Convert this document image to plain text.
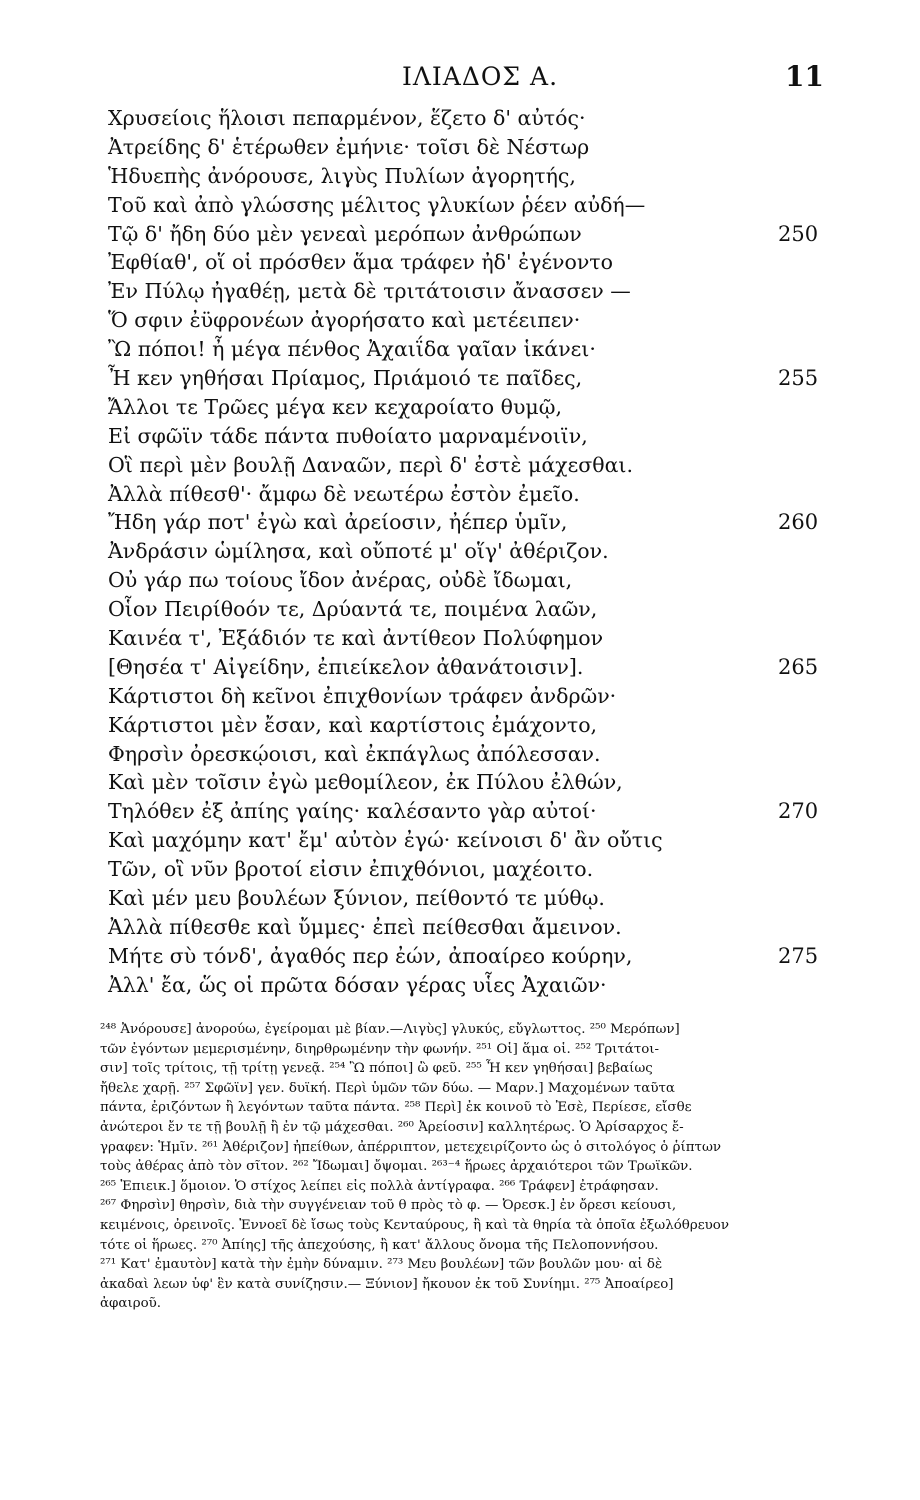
ΙΛΙΑΔΟΣ Α.	11
Χρυσείοις ἥλοισι πεπαρμένον, ἕζετο δ' αὐτός·
Ἀτρείδης δ' ἑτέρωθεν ἐμήνιε· τοῖσι δὲ Νέστωρ
Ἡδυεπὴς ἀνόρουσε, λιγὺς Πυλίων ἀγορητής,
Τοῦ καὶ ἀπὸ γλώσσης μέλιτος γλυκίων ῥέεν αὐδή—
Τῷ δ' ἤδη δύο μὲν γενεαὶ μερόπων ἀνθρώπων	250
Ἐφθίαθ', οἵ οἱ πρόσθεν ἅμα τράφεν ἠδ' ἐγένοντο
Ἐν Πύλῳ ἠγαθέῃ, μετὰ δὲ τριτάτοισιν ἄνασσεν —
Ὅ σφιν ἐϋφρονέων ἀγορήσατο καὶ μετέειπεν·
Ὢ πόποι! ἦ μέγα πένθος Ἀχαιΐδα γαῖαν ἱκάνει·
Ἦ κεν γηθήσαι Πρίαμος, Πριάμοιό τε παῖδες,	255
Ἄλλοι τε Τρῶες μέγα κεν κεχαροίατο θυμῷ,
Εἰ σφῶϊν τάδε πάντα πυθοίατο μαρναμένοιϊν,
Οἳ περὶ μὲν βουλῇ Δαναῶν, περὶ δ' ἐστὲ μάχεσθαι.
Ἀλλὰ πίθεσθ'· ἄμφω δὲ νεωτέρω ἐστὸν ἐμεῖο.
Ἤδη γάρ ποτ' ἐγὼ καὶ ἀρείοσιν, ἠέπερ ὑμῖν,	260
Ἀνδράσιν ὡμίλησα, καὶ οὔποτέ μ' οἵγ' ἀθέριζον.
Οὐ γάρ πω τοίους ἴδον ἀνέρας, οὐδὲ ἴδωμαι,
Οἷον Πειρίθοόν τε, Δρύαντά τε, ποιμένα λαῶν,
Καινέα τ', Ἐξάδιόν τε καὶ ἀντίθεον Πολύφημον
[Θησέα τ' Αἰγείδην, ἐπιείκελον ἀθανάτοισιν].	265
Κάρτιστοι δὴ κεῖνοι ἐπιχθονίων τράφεν ἀνδρῶν·
Κάρτιστοι μὲν ἔσαν, καὶ καρτίστοις ἐμάχοντο,
Φηρσὶν ὀρεσκῴοισι, καὶ ἐκπάγλως ἀπόλεσσαν.
Καὶ μὲν τοῖσιν ἐγὼ μεθομίλεον, ἐκ Πύλου ἐλθών,
Τηλόθεν ἐξ ἀπίης γαίης· καλέσαντο γὰρ αὐτοί·	270
Καὶ μαχόμην κατ' ἔμ' αὐτὸν ἐγώ· κείνοισι δ' ἂν οὔτις
Τῶν, οἳ νῦν βροτοί εἰσιν ἐπιχθόνιοι, μαχέοιτο.
Καὶ μέν μευ βουλέων ξύνιον, πείθοντό τε μύθῳ.
Ἀλλὰ πίθεσθε καὶ ὔμμες· ἐπεὶ πείθεσθαι ἄμεινον.
Μήτε σὺ τόνδ', ἀγαθός περ ἐών, ἀποαίρεο κούρην,	275
Ἀλλ' ἔα, ὥς οἱ πρῶτα δόσαν γέρας υἷες Ἀχαιῶν·
²⁴⁸ Ἀνόρουσε] ἀνορούω, ἐγείρομαι μὲ βίαν.—Λιγὺς] γλυκύς, εὔγλωττος. ²⁵⁰ Μερόπων]
τῶν ἐγόντων μεμερισμένην, διηρθρωμένην τὴν φωνήν. ²⁵¹ Οἱ] ἅμα οἱ. ²⁵² Τριτάτοι-
σιν] τοῖς τρίτοις, τῇ τρίτῃ γενεᾷ. ²⁵⁴ Ὢ πόποι] ὢ φεῦ. ²⁵⁵ Ἦ κεν γηθήσαι] βεβαίως
ἤθελε χαρῇ. ²⁵⁷ Σφῶϊν] γεν. δυϊκή. Περὶ ὑμῶν τῶν δύω. — Μαρν.] Μαχομένων ταῦτα
πάντα, ἐριζόντων ἢ λεγόντων ταῦτα πάντα. ²⁵⁸ Περὶ] ἐκ κοινοῦ τὸ Ἐσὲ, Περίεσε, εἴσθε
ἀνώτεροι ἔν τε τῇ βουλῇ ἢ ἐν τῷ μάχεσθαι. ²⁶⁰ Ἀρείοσιν] καλλητέρως. Ὁ Ἀρίσαρχος ἔ-
γραφεν: Ἡμῖν. ²⁶¹ Ἀθέριζον] ἠπείθων, ἀπέρριπτον, μετεχειρίζοντο ὡς ὁ σιτολόγος ὁ ῥίπτων
τοὺς ἀθέρας ἀπὸ τὸν σῖτον. ²⁶² Ἴδωμαι] ὄψομαι. ²⁶³⁻⁴ ἥρωες ἀρχαιότεροι τῶν Τρωϊκῶν.
²⁶⁵ Ἐπιεικ.] ὅμοιον. Ὁ στίχος λείπει εἰς πολλὰ ἀντίγραφα. ²⁶⁶ Τράφεν] ἐτράφησαν.
²⁶⁷ Φηρσὶν] θηρσὶν, διὰ τὴν συγγένειαν τοῦ θ πρὸς τὸ φ. — Ὀρεσκ.] ἐν ὄρεσι κείουσι,
κειμένοις, ὀρεινοῖς. Ἐννοεῖ δὲ ἴσως τοὺς Κενταύρους, ἢ καὶ τὰ θηρία τὰ ὁποῖα ἐξωλόθρευον
τότε οἱ ἥρωες. ²⁷⁰ Ἀπίης] τῆς ἀπεχούσης, ἢ κατ' ἄλλους ὄνομα τῆς Πελοποννήσου.
²⁷¹ Κατ' ἐμαυτὸν] κατὰ τὴν ἐμὴν δύναμιν. ²⁷³ Μευ βουλέων] τῶν βουλῶν μου· αἱ δὲ
ἀκαδαὶ λεων ὑφ' ἓν κατὰ συνίζησιν.— Ξύνιον] ἤκουον ἐκ τοῦ Συνίημι. ²⁷⁵ Ἀποαίρεο]
ἀφαιροῦ.
